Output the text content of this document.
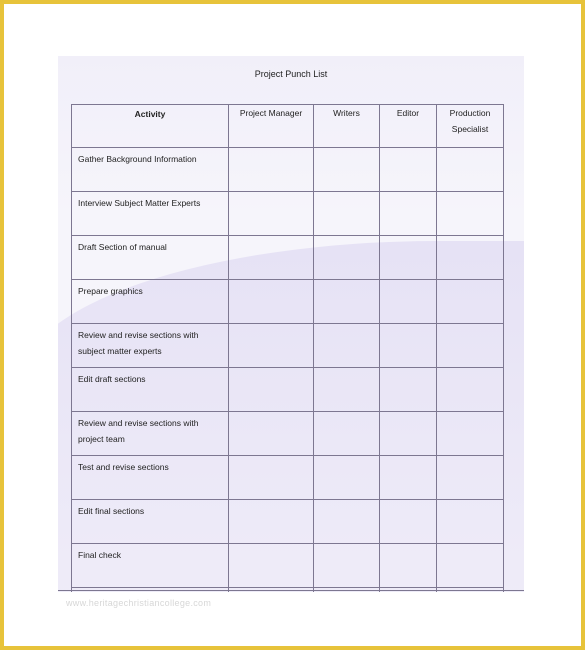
Project Punch List
Activity	Project Manager	Writers	Editor	Production Specialist
Gather Background Information				
Interview Subject Matter Experts				
Draft Section of manual				
Prepare graphics				
Review and revise sections with subject matter experts				
Edit draft sections				
Review and revise sections with project team				
Test and revise sections				
Edit final sections				
Final check				

www.heritagechristiancollege.com
